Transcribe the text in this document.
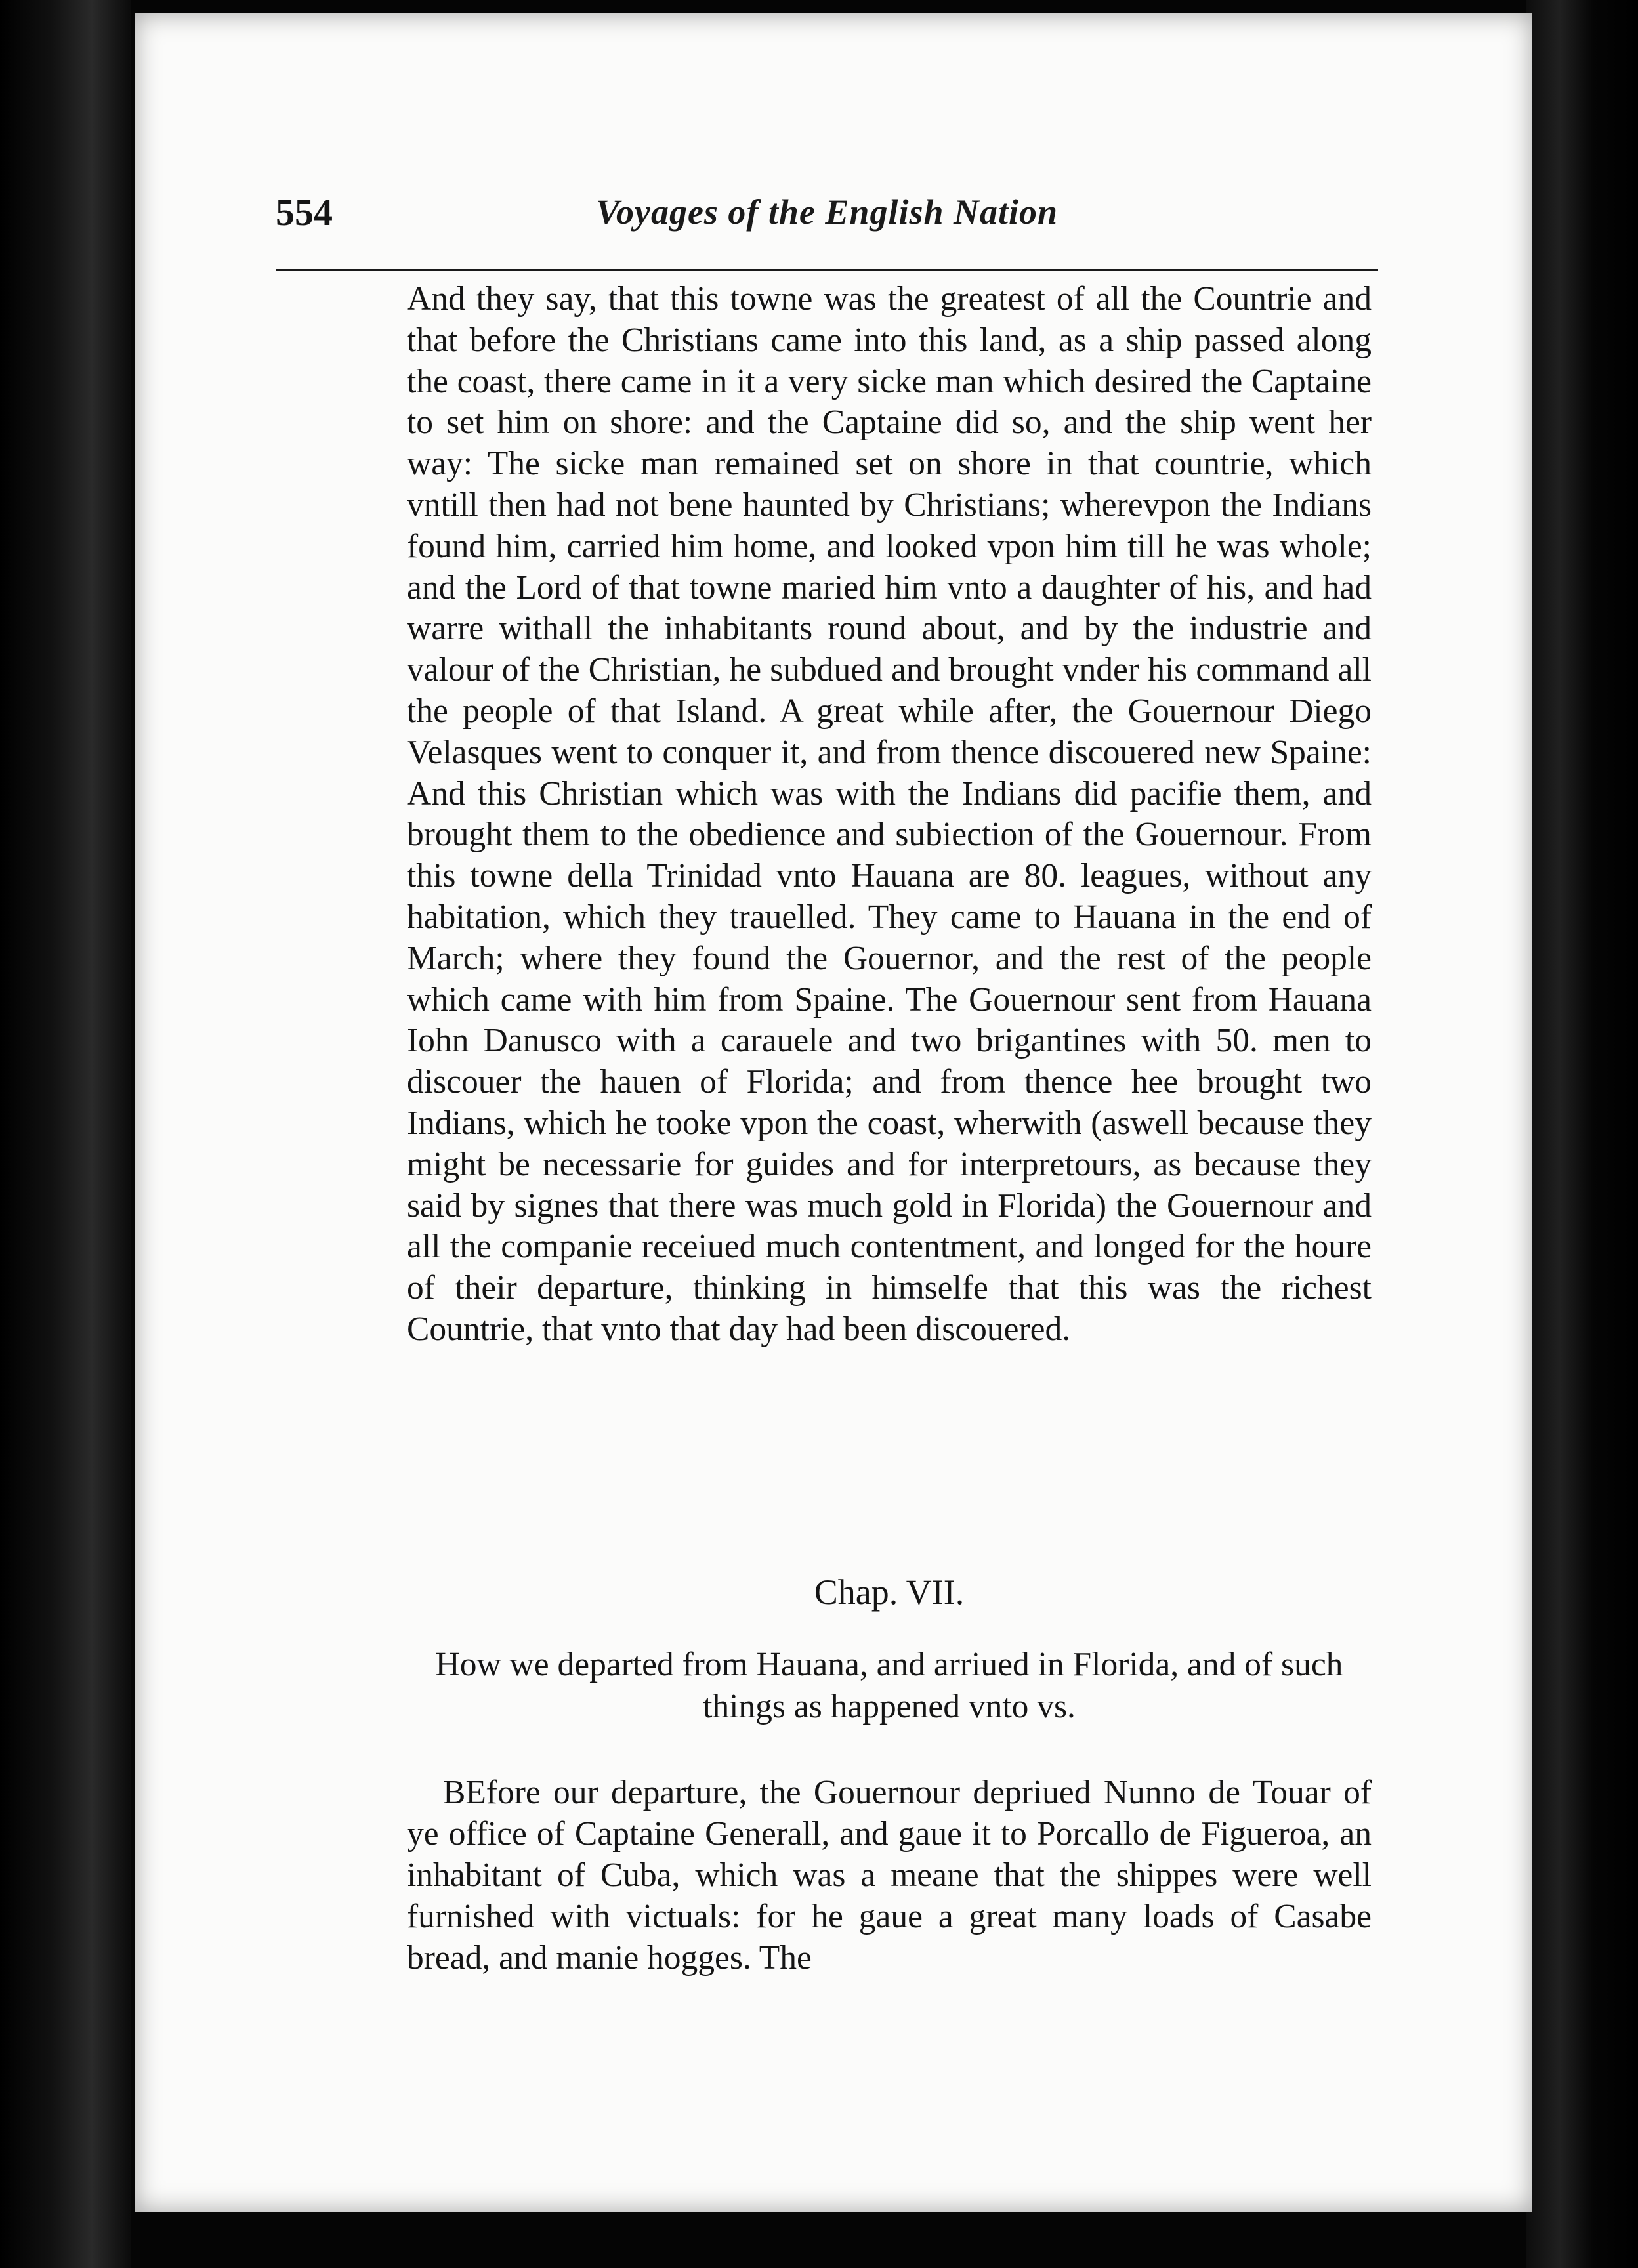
554	Voyages of the English Nation

And they say, that this towne was the greatest of all the Countrie and that before the Christians came into this land, as a ship passed along the coast, there came in it a very sicke man which desired the Captaine to set him on shore: and the Captaine did so, and the ship went her way: The sicke man remained set on shore in that countrie, which vntill then had not bene haunted by Christians; wherevpon the Indians found him, carried him home, and looked vpon him till he was whole; and the Lord of that towne maried him vnto a daughter of his, and had warre withall the inhabitants round about, and by the industrie and valour of the Christian, he subdued and brought vnder his command all the people of that Island. A great while after, the Gouernour Diego Velasques went to conquer it, and from thence discouered new Spaine: And this Christian which was with the Indians did pacifie them, and brought them to the obedience and subiection of the Gouernour. From this towne della Trinidad vnto Hauana are 80. leagues, without any habitation, which they trauelled. They came to Hauana in the end of March; where they found the Gouernor, and the rest of the people which came with him from Spaine. The Gouernour sent from Hauana Iohn Danusco with a carauele and two brigantines with 50. men to discouer the hauen of Florida; and from thence hee brought two Indians, which he tooke vpon the coast, wherwith (aswell because they might be necessarie for guides and for interpretours, as because they said by signes that there was much gold in Florida) the Gouernour and all the companie receiued much contentment, and longed for the houre of their departure, thinking in himselfe that this was the richest Countrie, that vnto that day had been discouered.

Chap. VII.
How we departed from Hauana, and arriued in Florida, and of such things as happened vnto vs.

BEfore our departure, the Gouernour depriued Nunno de Touar of ye office of Captaine Generall, and gaue it to Porcallo de Figueroa, an inhabitant of Cuba, which was a meane that the shippes were well furnished with victuals: for he gaue a great many loads of Casabe bread, and manie hogges. The
